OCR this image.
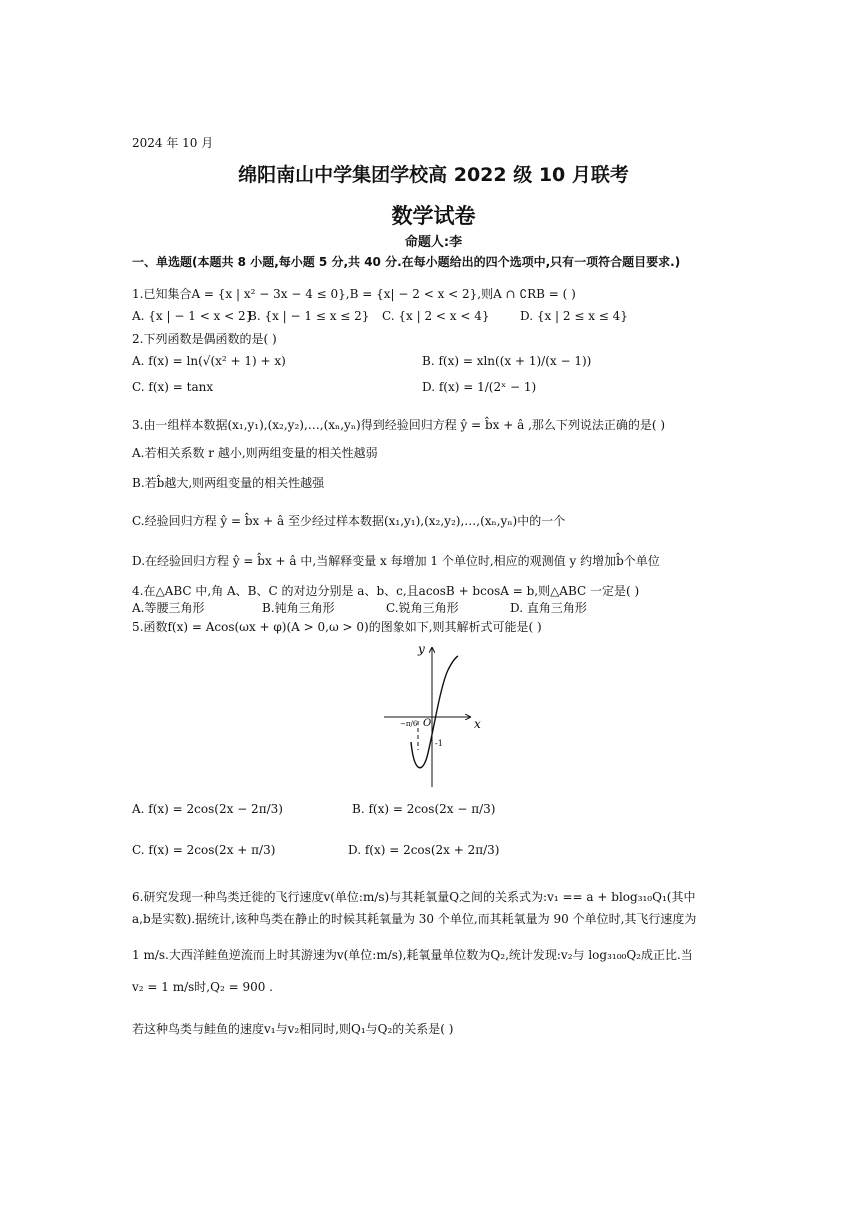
2024 年 10 月
绵阳南山中学集团学校高 2022 级 10 月联考
数学试卷
命题人:李
一、单选题(本题共 8 小题,每小题 5 分,共 40 分.在每小题给出的四个选项中,只有一项符合题目要求.)
1.已知集合A = {x | x² − 3x − 4 ≤ 0},B = {x| − 2 < x < 2},则A ∩ ∁RB = ( )
A. {x | − 1 < x < 2}
B. {x | − 1 ≤ x ≤ 2} C. {x | 2 < x < 4}	D. {x | 2 ≤ x ≤ 4}
2.下列函数是偶函数的是( )
A. f(x) = ln(√(x² + 1) + x)	B. f(x) = xln((x + 1)/(x − 1))
C. f(x) = tanx	D. f(x) = 1/(2ˣ − 1)
3.由一组样本数据(x₁,y₁),(x₂,y₂),…,(xₙ,yₙ)得到经验回归方程 ŷ = b̂x + â ,那么下列说法正确的是( )
A.若相关系数 r 越小,则两组变量的相关性越弱
B.若b̂越大,则两组变量的相关性越强
C.经验回归方程 ŷ = b̂x + â 至少经过样本数据(x₁,y₁),(x₂,y₂),…,(xₙ,yₙ)中的一个
D.在经验回归方程 ŷ = b̂x + â 中,当解释变量 x 每增加 1 个单位时,相应的观测值 y 约增加b̂个单位
4.在△ABC 中,角 A、B、C 的对边分别是 a、b、c,且acosB + bcosA = b,则△ABC 一定是( )
A.等腰三角形	B.钝角三角形	C.锐角三角形	D. 直角三角形
5.函数f(x) = Acos(ωx + φ)(A > 0,ω > 0)的图象如下,则其解析式可能是( )
x
y
O
−π/6
-1
A. f(x) = 2cos(2x − 2π/3)	B. f(x) = 2cos(2x − π/3)
C. f(x) = 2cos(2x + π/3)	D. f(x) = 2cos(2x + 2π/3)
6.研究发现一种鸟类迁徙的飞行速度v(单位:m/s)与其耗氧量Q之间的关系式为:v₁ == a + blog₃₁₀Q₁(其中
a,b是实数).据统计,该种鸟类在静止的时候其耗氧量为 30 个单位,而其耗氧量为 90 个单位时,其飞行速度为
1 m/s.大西洋鲑鱼逆流而上时其游速为v(单位:m/s),耗氧量单位数为Q₂,统计发现:v₂与 log₃₁₀₀Q₂成正比.当
v₂ = 1 m/s时,Q₂ = 900 .
若这种鸟类与鲑鱼的速度v₁与v₂相同时,则Q₁与Q₂的关系是( )
